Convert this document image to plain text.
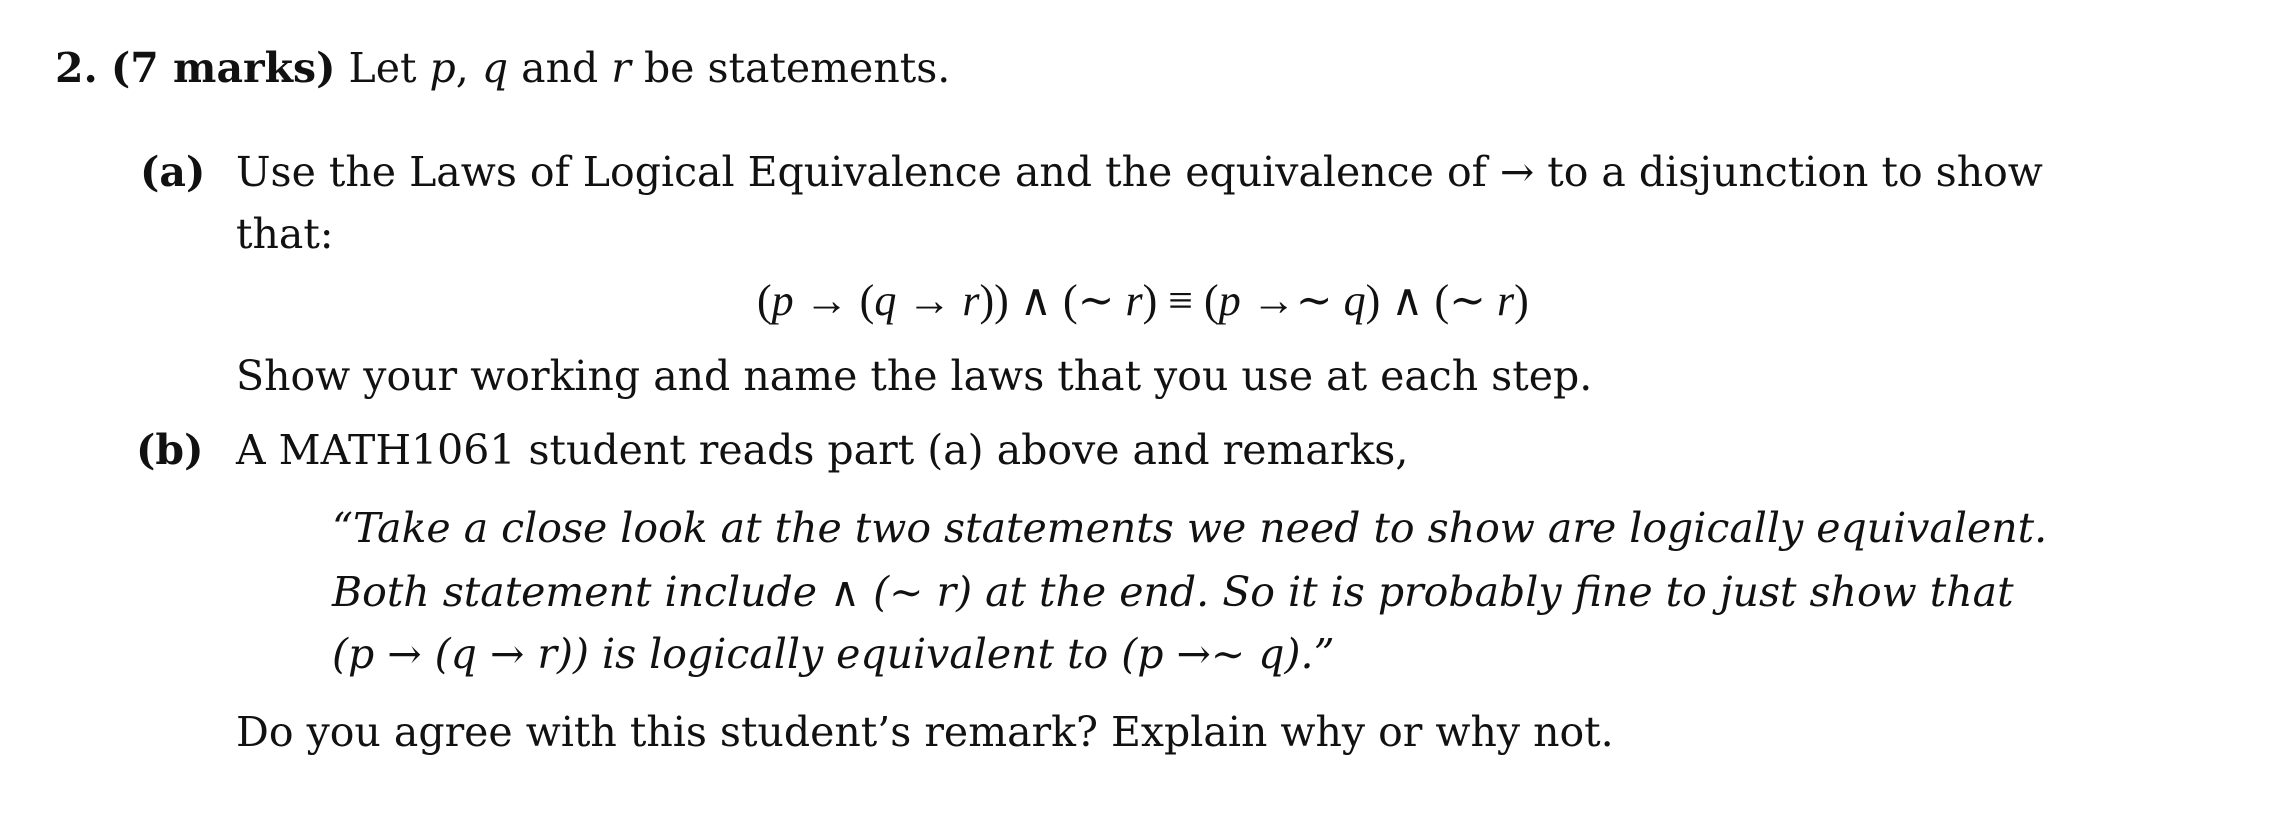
2. (7 marks) Let p, q and r be statements.
(a) Use the Laws of Logical Equivalence and the equivalence of → to a disjunction to show
that:
(p → (q → r)) ∧ (∼ r) ≡ (p →∼ q) ∧ (∼ r)
Show your working and name the laws that you use at each step.
(b) A MATH1061 student reads part (a) above and remarks,
“Take a close look at the two statements we need to show are logically equivalent.
Both statement include ∧ (∼ r) at the end. So it is probably fine to just show that
(p → (q → r)) is logically equivalent to (p →∼ q).”
Do you agree with this student’s remark? Explain why or why not.
